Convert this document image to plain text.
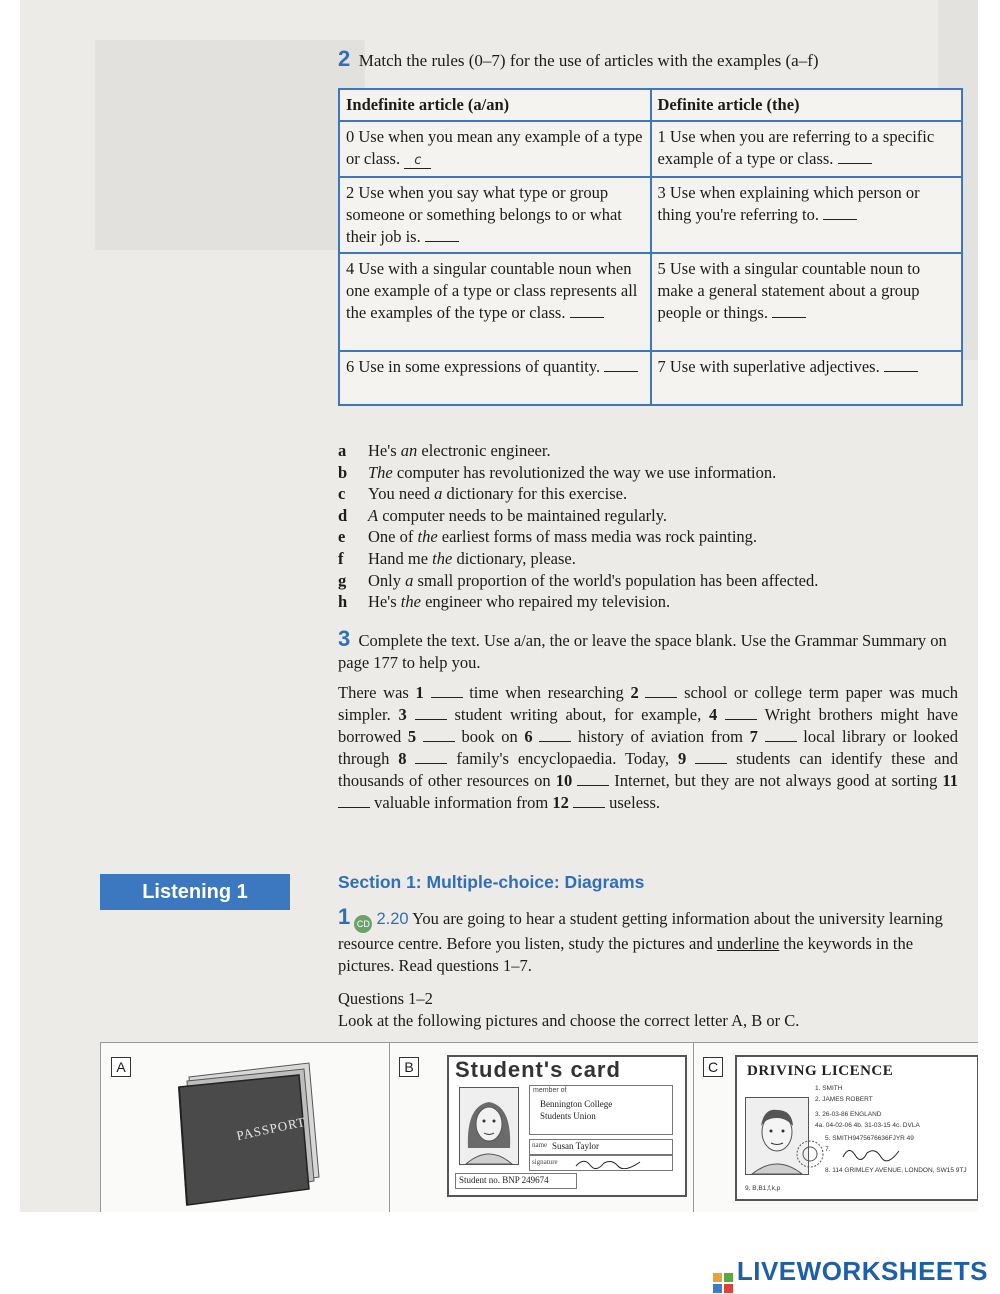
2 Match the rules (0–7) for the use of articles with the examples (a–f)
Indefinite article (a/an)	Definite article (the)
0 Use when you mean any example of a type or class. c	1 Use when you are referring to a specific example of a type or class.
2 Use when you say what type or group someone or something belongs to or what their job is.	3 Use when explaining which person or thing you're referring to.
4 Use with a singular countable noun when one example of a type or class represents all the examples of the type or class.	5 Use with a singular countable noun to make a general statement about a group people or things.
6 Use in some expressions of quantity.	7 Use with superlative adjectives.
a	He's an electronic engineer.
b	The computer has revolutionized the way we use information.
c	You need a dictionary for this exercise.
d	A computer needs to be maintained regularly.
e	One of the earliest forms of mass media was rock painting.
f	Hand me the dictionary, please.
g	Only a small proportion of the world's population has been affected.
h	He's the engineer who repaired my television.
3 Complete the text. Use a/an, the or leave the space blank. Use the Grammar Summary on page 177 to help you.
There was 1  time when researching 2  school or college term paper was much simpler. 3  student writing about, for example, 4  Wright brothers might have borrowed 5  book on 6  history of aviation from 7  local library or looked through 8  family's encyclopaedia. Today, 9  students can identify these and thousands of other resources on 10  Internet, but they are not always good at sorting 11  valuable information from 12  useless.
Listening 1	Section 1: Multiple-choice: Diagrams
1 CD 2.20 You are going to hear a student getting information about the university learning resource centre. Before you listen, study the pictures and underline the keywords in the pictures. Read questions 1–7.
Questions 1–2
Look at the following pictures and choose the correct letter A, B or C.
A	B	C
PASSPORT
Student's card
member of
Bennington College
Students Union
name Susan Taylor
signature
Student no. BNP 249674
DRIVING LICENCE
1. SMITH
2. JAMES ROBERT
3. 26-03-86 ENGLAND
4a. 04-02-06 4b. 31-03-15 4c. DVLA
5. SMITH9475676636FJYR 49
7.
8. 114 GRIMLEY AVENUE, LONDON, SW15 9TJ
9. B,B1,f,k,p
LIVEWORKSHEETS
